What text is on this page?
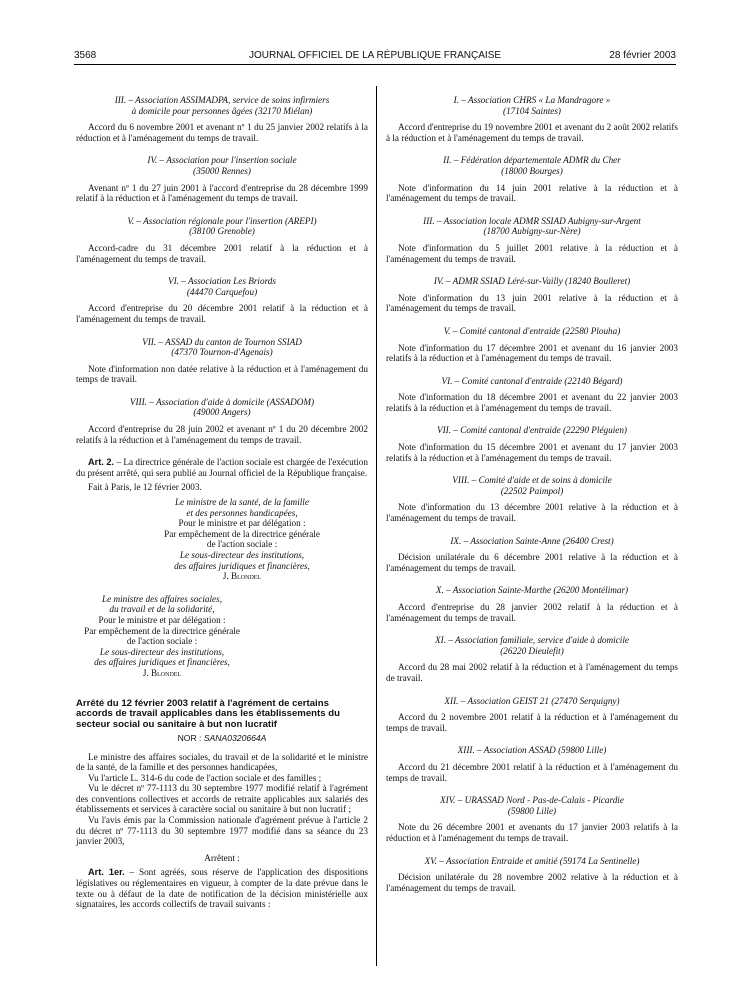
3568	JOURNAL OFFICIEL DE LA RÉPUBLIQUE FRANÇAISE	28 février 2003

III. – Association ASSIMADPA, service de soins infirmiers

à domicile pour personnes âgées (32170 Miélan)

Accord du 6 novembre 2001 et avenant nº 1 du 25 janvier 2002 relatifs à la réduction et à l'aménagement du temps de travail.

IV. – Association pour l'insertion sociale

(35000 Rennes)

Avenant nº 1 du 27 juin 2001 à l'accord d'entreprise du 28 décembre 1999 relatif à la réduction et à l'aménagement du temps de travail.

V. – Association régionale pour l'insertion (AREPI)

(38100 Grenoble)

Accord-cadre du 31 décembre 2001 relatif à la réduction et à l'aménagement du temps de travail.

VI. – Association Les Briords

(44470 Carquefou)

Accord d'entreprise du 20 décembre 2001 relatif à la réduction et à l'aménagement du temps de travail.

VII. – ASSAD du canton de Tournon SSIAD

(47370 Tournon-d'Agenais)

Note d'information non datée relative à la réduction et à l'aménagement du temps de travail.

VIII. – Association d'aide à domicile (ASSADOM)

(49000 Angers)

Accord d'entreprise du 28 juin 2002 et avenant nº 1 du 20 décembre 2002 relatifs à la réduction et à l'aménagement du temps de travail.

Art. 2. – La directrice générale de l'action sociale est chargée de l'exécution du présent arrêté, qui sera publié au Journal officiel de la République française.

Fait à Paris, le 12 février 2003.

Le ministre de la santé, de la famille

et des personnes handicapées,

Pour le ministre et par délégation :

Par empêchement de la directrice générale

de l'action sociale :

Le sous-directeur des institutions,

des affaires juridiques et financières,

J. Blondel

Le ministre des affaires sociales,

du travail et de la solidarité,

Pour le ministre et par délégation :

Par empêchement de la directrice générale

de l'action sociale :

Le sous-directeur des institutions,

des affaires juridiques et financières,

J. Blondel

Arrêté du 12 février 2003 relatif à l'agrément de certains accords de travail applicables dans les établissements du secteur social ou sanitaire à but non lucratif

NOR : SANA0320664A

Le ministre des affaires sociales, du travail et de la solidarité et le ministre de la santé, de la famille et des personnes handicapées,

Vu l'article L. 314-6 du code de l'action sociale et des familles ;

Vu le décret nº 77-1113 du 30 septembre 1977 modifié relatif à l'agrément des conventions collectives et accords de retraite applicables aux salariés des établissements et services à caractère social ou sanitaire à but non lucratif ;

Vu l'avis émis par la Commission nationale d'agrément prévue à l'article 2 du décret nº 77-1113 du 30 septembre 1977 modifié dans sa séance du 23 janvier 2003,

Arrêtent :

Art. 1er. – Sont agréés, sous réserve de l'application des dispositions législatives ou réglementaires en vigueur, à compter de la date prévue dans le texte ou à défaut de la date de notification de la décision ministérielle aux signataires, les accords collectifs de travail suivants :

I. – Association CHRS « La Mandragore »

(17104 Saintes)

Accord d'entreprise du 19 novembre 2001 et avenant du 2 août 2002 relatifs à la réduction et à l'aménagement du temps de travail.

II. – Fédération départementale ADMR du Cher

(18000 Bourges)

Note d'information du 14 juin 2001 relative à la réduction et à l'aménagement du temps de travail.

III. – Association locale ADMR SSIAD Aubigny-sur-Argent

(18700 Aubigny-sur-Nère)

Note d'information du 5 juillet 2001 relative à la réduction et à l'aménagement du temps de travail.

IV. – ADMR SSIAD Léré-sur-Vailly (18240 Boulleret)

Note d'information du 13 juin 2001 relative à la réduction et à l'aménagement du temps de travail.

V. – Comité cantonal d'entraide (22580 Plouha)

Note d'information du 17 décembre 2001 et avenant du 16 janvier 2003 relatifs à la réduction et à l'aménagement du temps de travail.

VI. – Comité cantonal d'entraide (22140 Bégard)

Note d'information du 18 décembre 2001 et avenant du 22 janvier 2003 relatifs à la réduction et à l'aménagement du temps de travail.

VII. – Comité cantonal d'entraide (22290 Pléguien)

Note d'information du 15 décembre 2001 et avenant du 17 janvier 2003 relatifs à la réduction et à l'aménagement du temps de travail.

VIII. – Comité d'aide et de soins à domicile

(22502 Paimpol)

Note d'information du 13 décembre 2001 relative à la réduction et à l'aménagement du temps de travail.

IX. – Association Sainte-Anne (26400 Crest)

Décision unilatérale du 6 décembre 2001 relative à la réduction et à l'aménagement du temps de travail.

X. – Association Sainte-Marthe (26200 Montélimar)

Accord d'entreprise du 28 janvier 2002 relatif à la réduction et à l'aménagement du temps de travail.

XI. – Association familiale, service d'aide à domicile

(26220 Dieulefit)

Accord du 28 mai 2002 relatif à la réduction et à l'aménagement du temps de travail.

XII. – Association GEIST 21 (27470 Serquigny)

Accord du 2 novembre 2001 relatif à la réduction et à l'aménagement du temps de travail.

XIII. – Association ASSAD (59800 Lille)

Accord du 21 décembre 2001 relatif à la réduction et à l'aménagement du temps de travail.

XIV. – URASSAD Nord - Pas-de-Calais - Picardie

(59800 Lille)

Note du 26 décembre 2001 et avenants du 17 janvier 2003 relatifs à la réduction et à l'aménagement du temps de travail.

XV. – Association Entraide et amitié (59174 La Sentinelle)

Décision unilatérale du 28 novembre 2002 relative à la réduction et à l'aménagement du temps de travail.
